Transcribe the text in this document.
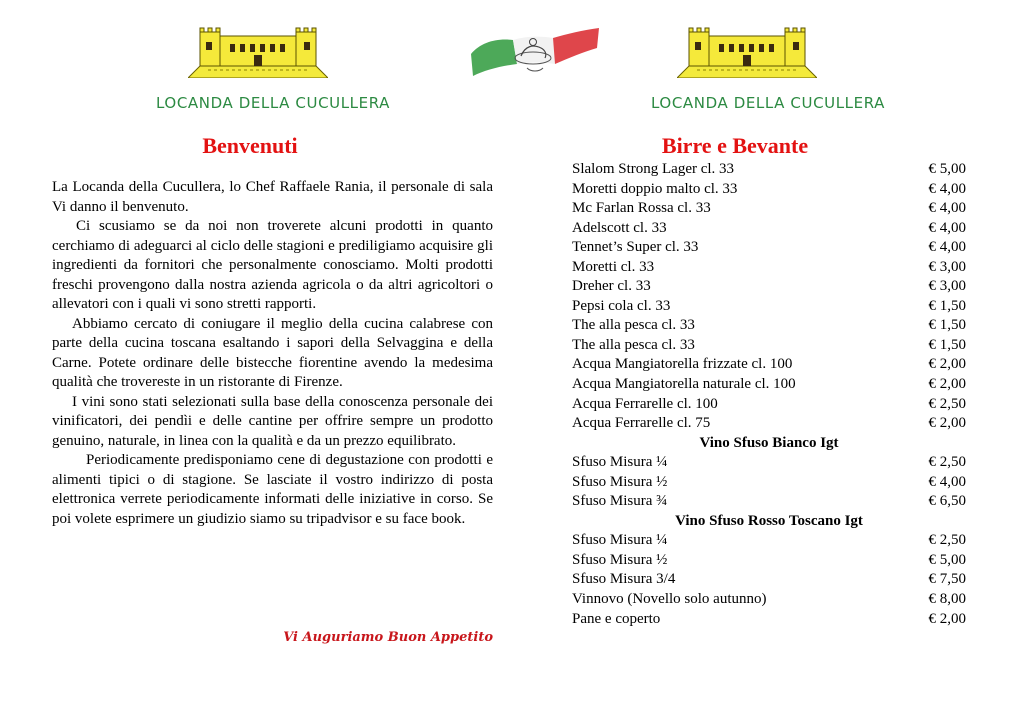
LOCANDA DELLA CUCULLERA	LOCANDA DELLA CUCULLERA
Benvenuti	Birre e Bevante

La Locanda della Cucullera, lo Chef Raffaele Rania, il personale di sala Vi danno il benvenuto.

Ci scusiamo se da noi non troverete alcuni prodotti in quanto cerchiamo di adeguarci al ciclo delle stagioni e prediligiamo acquisire gli ingredienti da fornitori che personalmente conosciamo. Molti prodotti freschi provengono dalla nostra azienda agricola o da altri agricoltori o allevatori con i quali vi sono stretti rapporti.

Abbiamo cercato di coniugare il meglio della cucina calabrese con parte della cucina toscana esaltando i sapori della Selvaggina e della Carne. Potete ordinare delle bistecche fiorentine avendo la medesima qualità che trovereste in un ristorante di Firenze.

I vini sono stati selezionati sulla base della conoscenza personale dei vinificatori, dei pendìi e delle cantine per offrire sempre un prodotto genuino, naturale, in linea con la qualità e da un prezzo equilibrato.

Periodicamente predisponiamo cene di degustazione con prodotti e alimenti tipici o di stagione. Se lasciate il vostro indirizzo di posta elettronica verrete periodicamente informati delle iniziative in corso. Se poi volete esprimere un giudizio siamo su tripadvisor e su face book.

Vi Auguriamo Buon Appetito
Slalom Strong Lager cl. 33	€ 5,00
Moretti doppio malto cl. 33	€ 4,00
Mc Farlan Rossa cl. 33	€ 4,00
Adelscott cl. 33	€ 4,00
Tennet’s Super cl. 33	€ 4,00
Moretti cl. 33	€ 3,00
Dreher cl. 33	€ 3,00
Pepsi cola cl. 33	€ 1,50
The alla pesca cl. 33	€ 1,50
The alla pesca cl. 33	€ 1,50
Acqua Mangiatorella frizzate cl. 100	€ 2,00
Acqua Mangiatorella naturale cl. 100	€ 2,00
Acqua Ferrarelle cl. 100	€ 2,50
Acqua Ferrarelle cl. 75	€ 2,00
Vino Sfuso Bianco Igt
Sfuso Misura ¼	€ 2,50
Sfuso Misura ½	€ 4,00
Sfuso Misura ¾	€ 6,50
Vino Sfuso Rosso Toscano Igt
Sfuso Misura ¼	€ 2,50
Sfuso Misura ½	€ 5,00
Sfuso Misura 3/4	€ 7,50
Vinnovo (Novello solo autunno)	€ 8,00
Pane e coperto	€ 2,00
